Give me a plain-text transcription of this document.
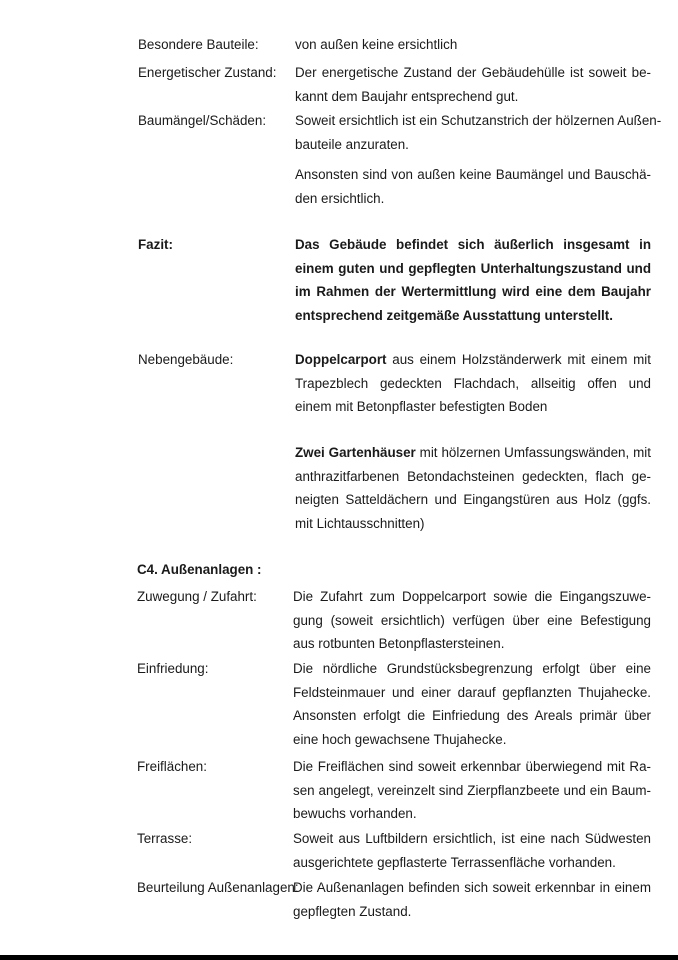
Besondere Bauteile:	von außen keine ersichtlich
Energetischer Zustand: Der energetische Zustand der Gebäudehülle ist soweit be-
kannt dem Baujahr entsprechend gut.
Baumängel/Schäden: Soweit ersichtlich ist ein Schutzanstrich der hölzernen Außen-
bauteile anzuraten.
Ansonsten sind von außen keine Baumängel und Bauschä-
den ersichtlich.
Fazit:	Das Gebäude befindet sich äußerlich insgesamt in
einem guten und gepflegten Unterhaltungszustand und
im Rahmen der Wertermittlung wird eine dem Baujahr
entsprechend zeitgemäße Ausstattung unterstellt.
Nebengebäude:	Doppelcarport aus einem Holzständerwerk mit einem mit
Trapezblech gedeckten Flachdach, allseitig offen und
einem mit Betonpflaster befestigten Boden
Zwei Gartenhäuser mit hölzernen Umfassungswänden, mit
anthrazitfarbenen Betondachsteinen gedeckten, flach ge-
neigten Satteldächern und Eingangstüren aus Holz (ggfs.
mit Lichtausschnitten)
C4. Außenanlagen :
Zuwegung / Zufahrt:	Die Zufahrt zum Doppelcarport sowie die Eingangszuwe-
gung (soweit ersichtlich) verfügen über eine Befestigung
aus rotbunten Betonpflastersteinen.
Einfriedung:	Die nördliche Grundstücksbegrenzung erfolgt über eine
Feldsteinmauer und einer darauf gepflanzten Thujahecke.
Ansonsten erfolgt die Einfriedung des Areals primär über
eine hoch gewachsene Thujahecke.
Freiflächen:	Die Freiflächen sind soweit erkennbar überwiegend mit Ra-
sen angelegt, vereinzelt sind Zierpflanzbeete und ein Baum-
bewuchs vorhanden.
Terrasse:	Soweit aus Luftbildern ersichtlich, ist eine nach Südwesten
ausgerichtete gepflasterte Terrassenfläche vorhanden.
Beurteilung Außenanlagen:
Die Außenanlagen befinden sich soweit erkennbar in einem
gepflegten Zustand.
